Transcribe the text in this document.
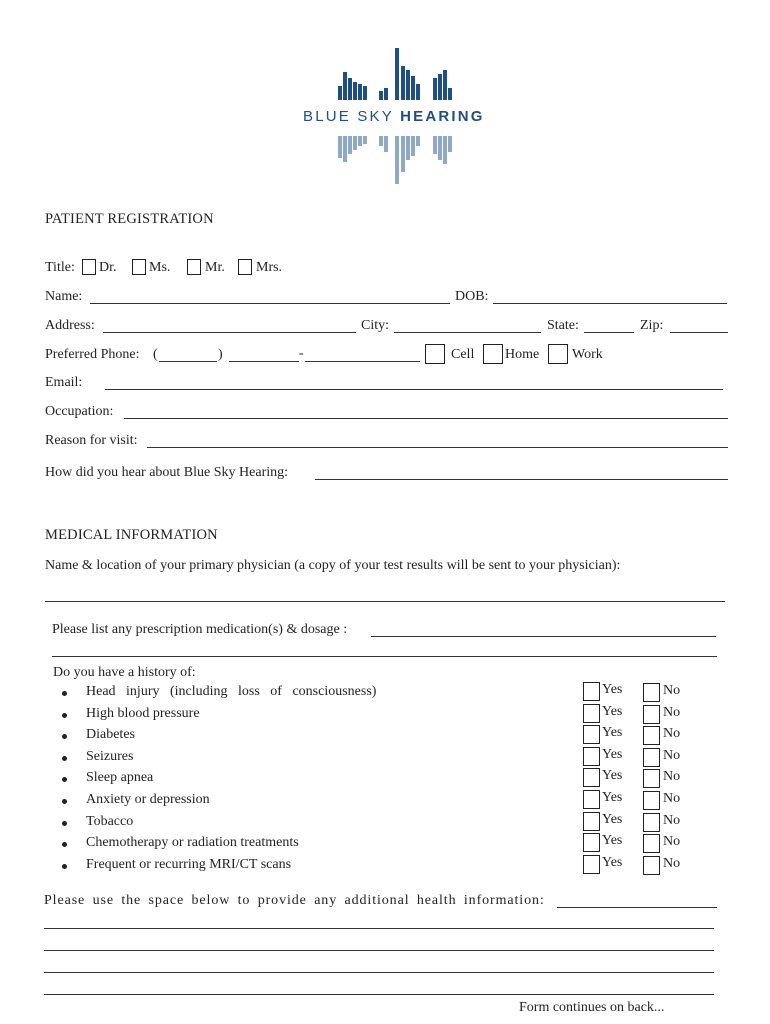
BLUE SKY HEARING
PATIENT REGISTRATION
Title: Dr. Ms. Mr. Mrs.
Name:	DOB:
Address:	City:	State:	Zip:
Preferred Phone: (	)	-	Cell Home Work
Email:
Occupation:
Reason for visit:
How did you hear about Blue Sky Hearing:
MEDICAL INFORMATION
Name & location of your primary physician (a copy of your test results will be sent to your physician):
Please list any prescription medication(s) & dosage :
Do you have a history of:
Head injury (including loss of consciousness)	Yes	No
High blood pressure	Yes	No
Diabetes	Yes	No
Seizures	Yes	No
Sleep apnea	Yes	No
Anxiety or depression	Yes	No
Tobacco	Yes	No
Chemotherapy or radiation treatments	Yes	No
Frequent or recurring MRI/CT scans	Yes	No
Please use the space below to provide any additional health information:
Form continues on back...
